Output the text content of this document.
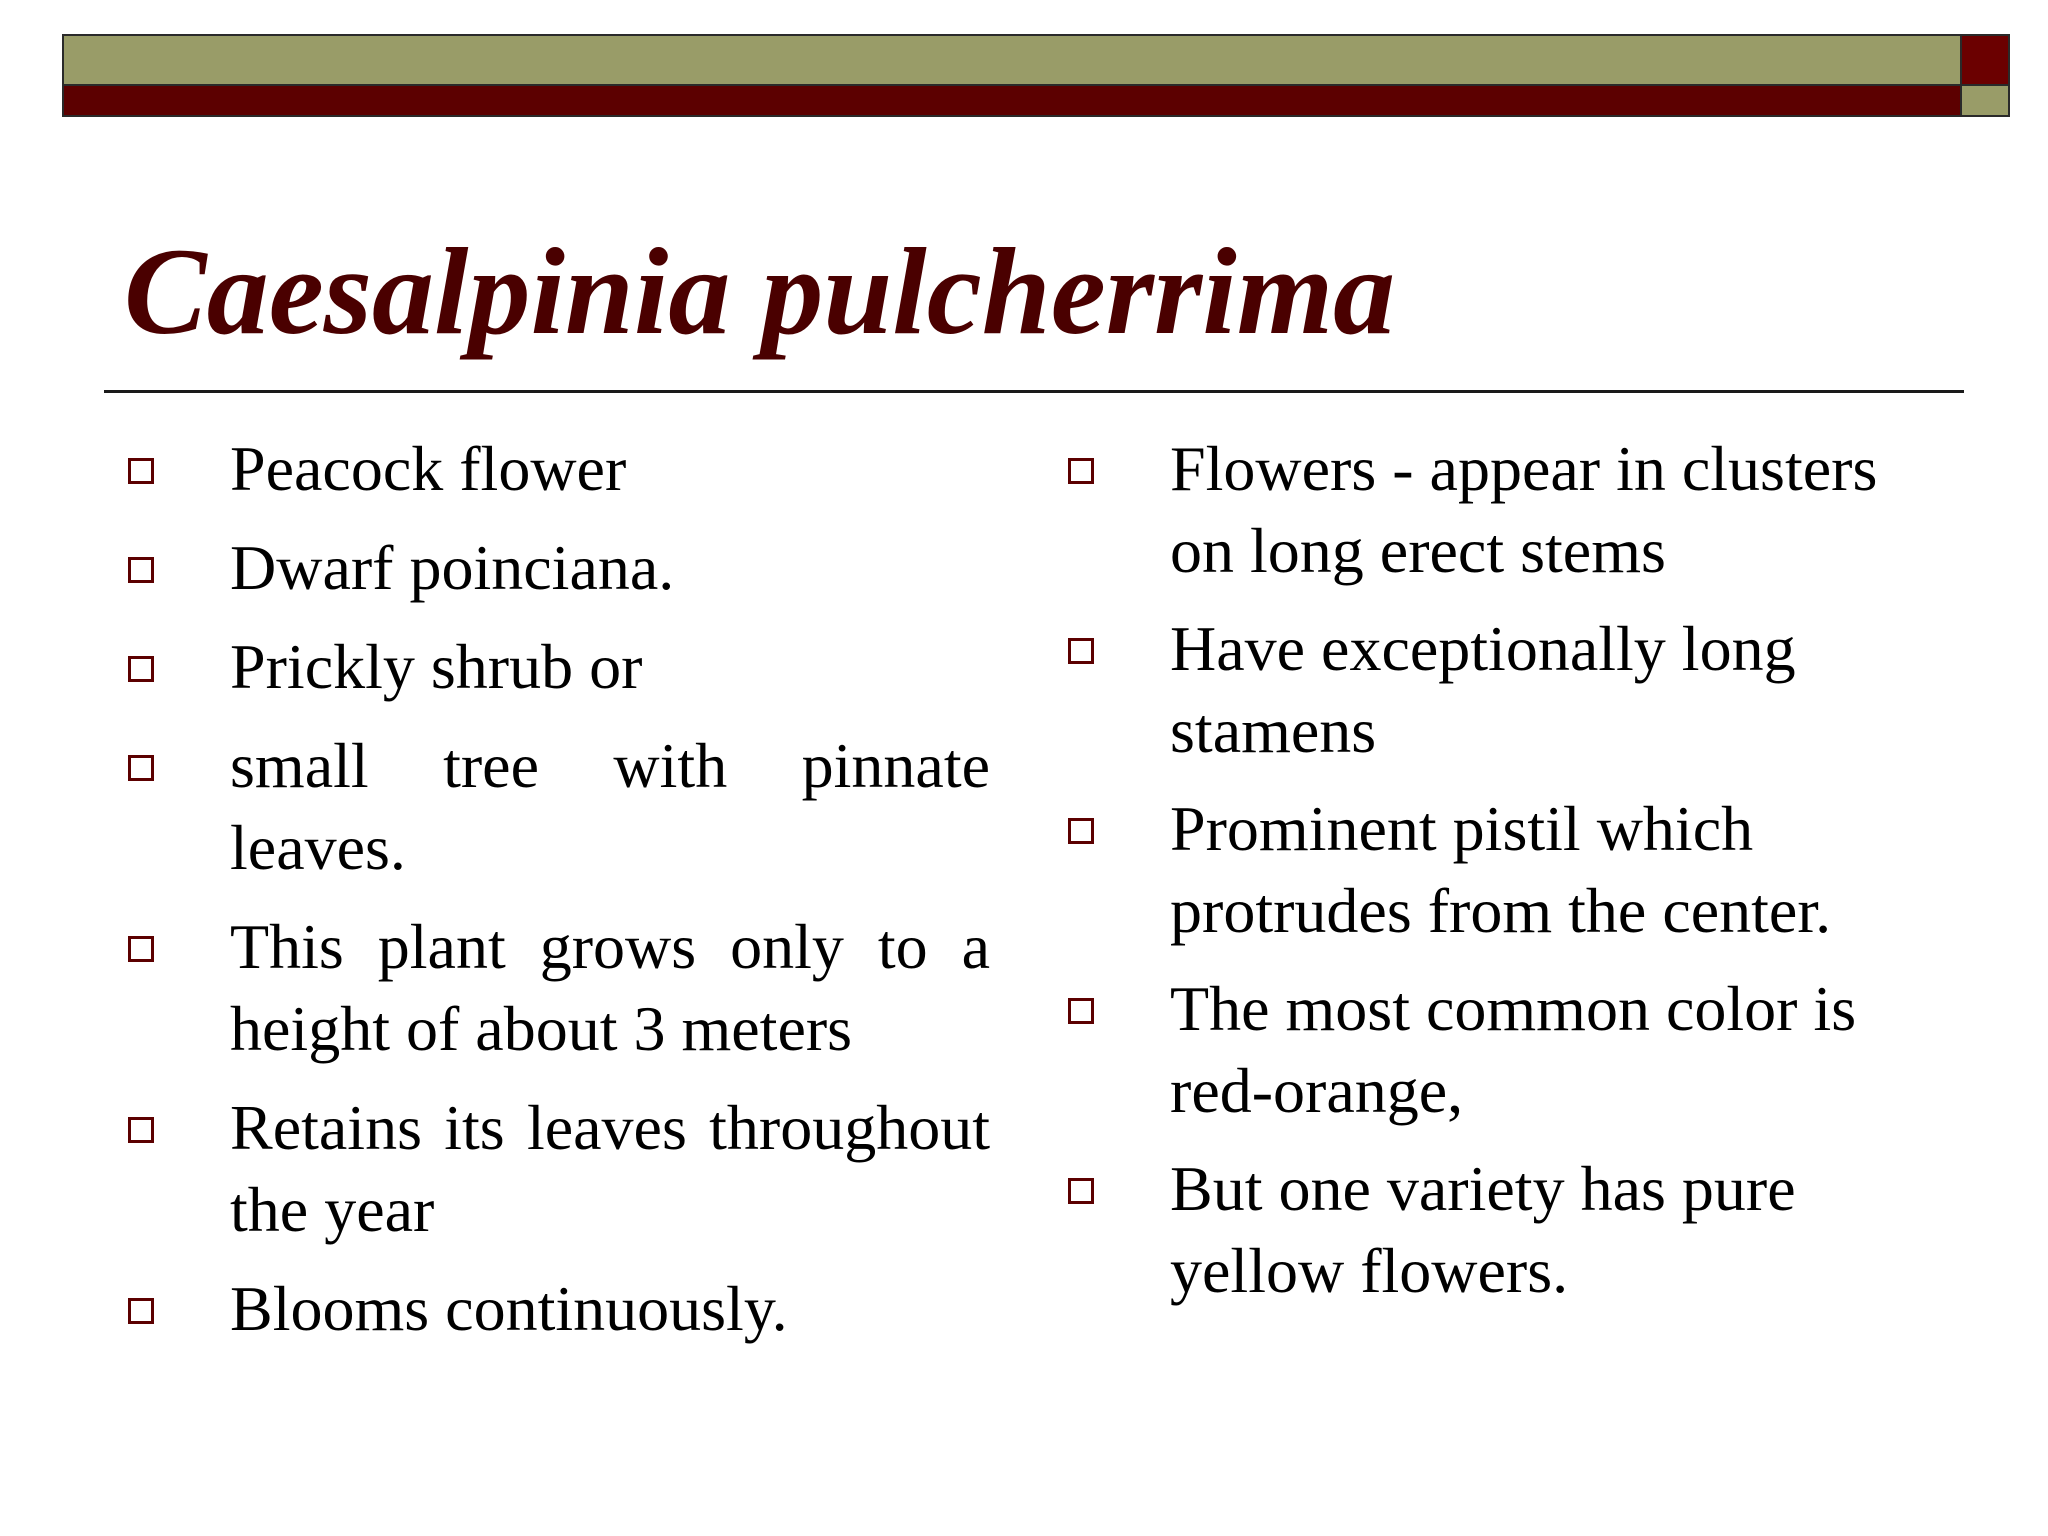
Caesalpinia pulcherrima
Peacock flower
Dwarf poinciana.
Prickly shrub or
small tree with pinnate leaves.
This plant grows only to a height of about 3 meters
Retains its leaves throughout the year
Blooms continuously.
Flowers - appear in clusters on long erect stems
Have exceptionally long stamens
Prominent pistil which protrudes from the center.
The most common color is red-orange,
But one variety has pure yellow flowers.
